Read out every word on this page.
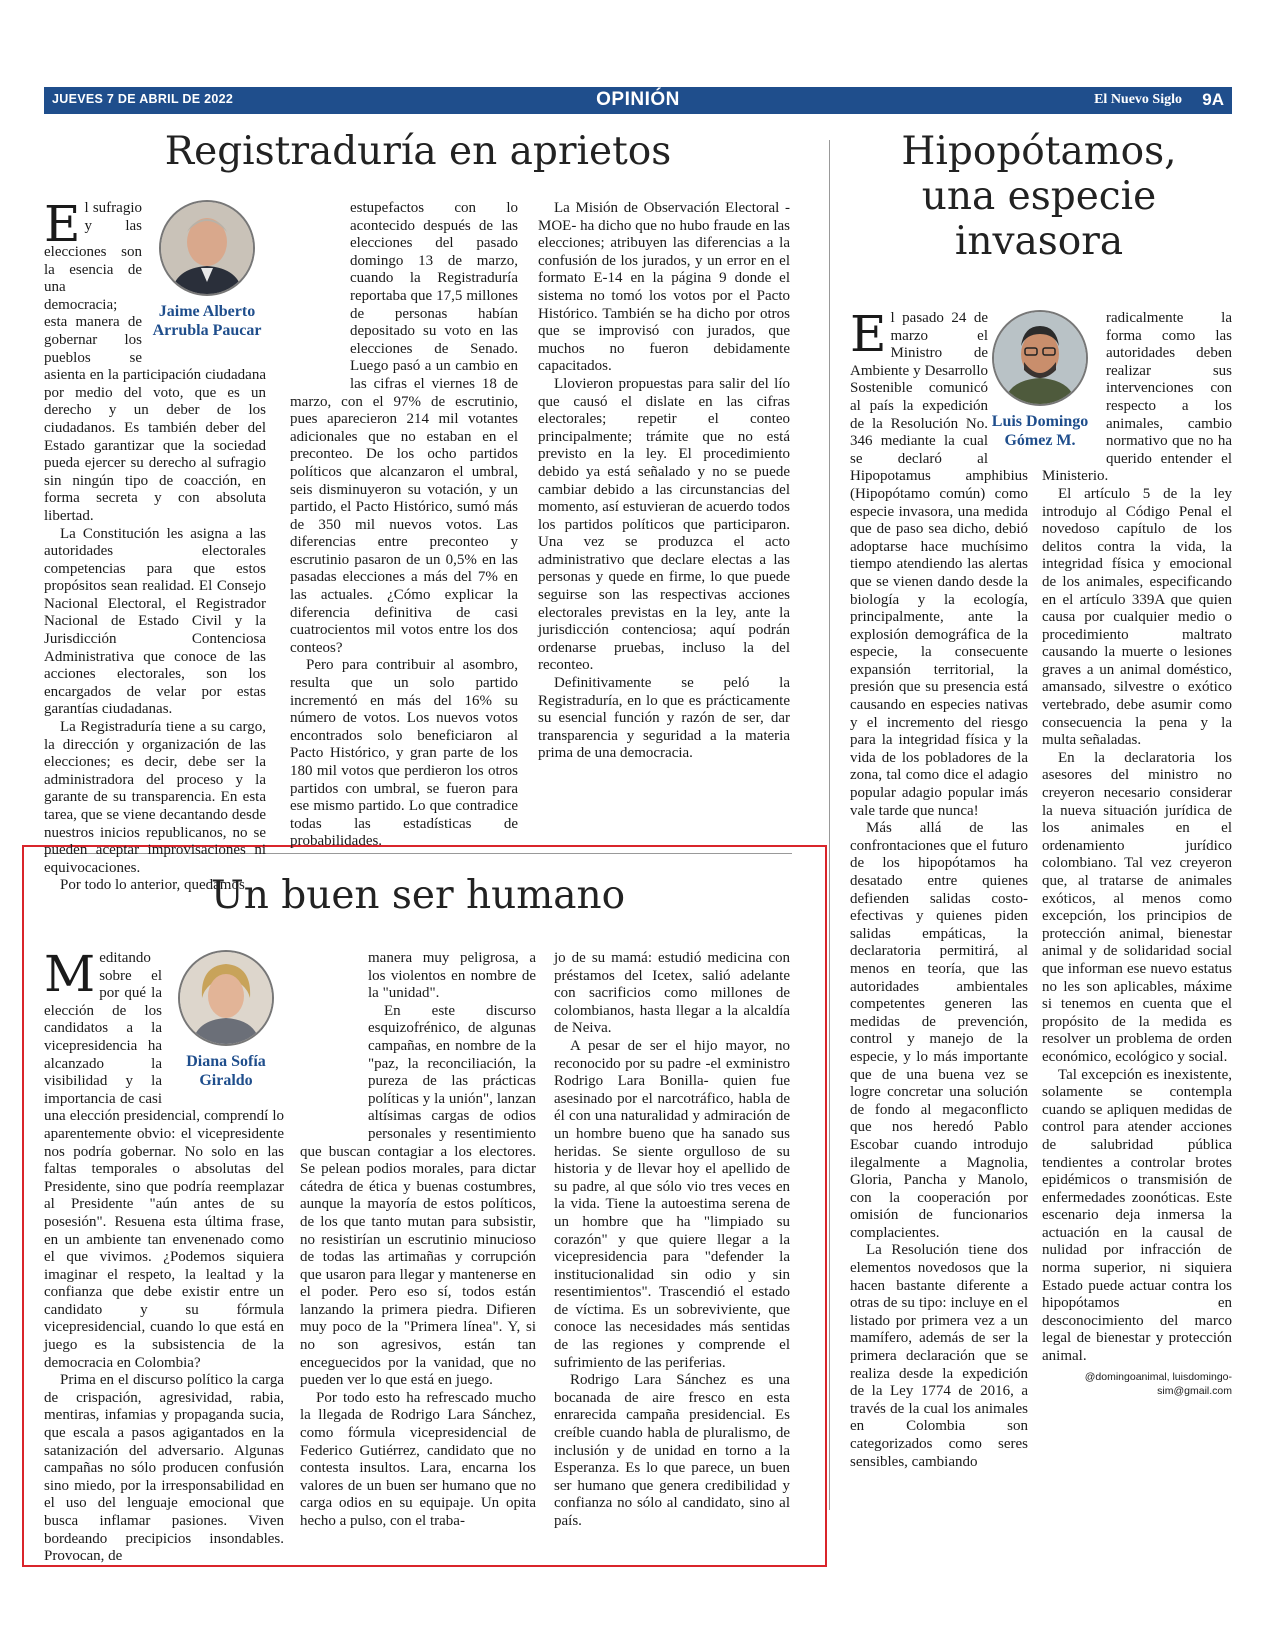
JUEVES 7 DE ABRIL DE 2022	OPINIÓN	El Nuevo Siglo 9A
Registraduría en aprietos
Jaime Alberto
Arrubla Paucar

El sufragio y las elecciones son la esencia de una democracia; esta manera de gobernar los pueblos se asienta en la participación ciudadana por medio del voto, que es un derecho y un deber de los ciudadanos. Es también deber del Estado garantizar que la sociedad pueda ejercer su derecho al sufragio sin ningún tipo de coacción, en forma secreta y con absoluta libertad.

La Constitución les asigna a las autoridades electorales competencias para que estos propósitos sean realidad. El Consejo Nacional Electoral, el Registrador Nacional de Estado Civil y la Jurisdicción Contenciosa Administrativa que conoce de las acciones electorales, son los encargados de velar por estas garantías ciudadanas.

La Registraduría tiene a su cargo, la dirección y organización de las elecciones; es decir, debe ser la administradora del proceso y la garante de su transparencia. En esta tarea, que se viene decantando desde nuestros inicios republicanos, no se pueden aceptar improvisaciones ni equivocaciones.

Por todo lo anterior, quedamos

estupefactos con lo acontecido después de las elecciones del pasado domingo 13 de marzo, cuando la Registraduría reportaba que 17,5 millones de personas habían depositado su voto en las elecciones de Senado. Luego pasó a un cambio en las cifras el viernes 18 de marzo, con el 97% de escrutinio, pues aparecieron 214 mil votantes adicionales que no estaban en el preconteo. De los ocho partidos políticos que alcanzaron el umbral, seis disminuyeron su votación, y un partido, el Pacto Histórico, sumó más de 350 mil nuevos votos. Las diferencias entre preconteo y escrutinio pasaron de un 0,5% en las pasadas elecciones a más del 7% en las actuales. ¿Cómo explicar la diferencia definitiva de casi cuatrocientos mil votos entre los dos conteos?

Pero para contribuir al asombro, resulta que un solo partido incrementó en más del 16% su número de votos. Los nuevos votos encontrados solo beneficiaron al Pacto Histórico, y gran parte de los 180 mil votos que perdieron los otros partidos con umbral, se fueron para ese mismo partido. Lo que contradice todas las estadísticas de probabilidades.

La Misión de Observación Electoral -MOE- ha dicho que no hubo fraude en las elecciones; atribuyen las diferencias a la confusión de los jurados, y un error en el formato E-14 en la página 9 donde el sistema no tomó los votos por el Pacto Histórico. También se ha dicho por otros que se improvisó con jurados, que muchos no fueron debidamente capacitados.

Llovieron propuestas para salir del lío que causó el dislate en las cifras electorales; repetir el conteo principalmente; trámite que no está previsto en la ley. El procedimiento debido ya está señalado y no se puede cambiar debido a las circunstancias del momento, así estuvieran de acuerdo todos los partidos políticos que participaron. Una vez se produzca el acto administrativo que declare electas a las personas y quede en firme, lo que puede seguirse son las respectivas acciones electorales previstas en la ley, ante la jurisdicción contenciosa; aquí podrán ordenarse pruebas, incluso la del reconteo.

Definitivamente se peló la Registraduría, en lo que es prácticamente su esencial función y razón de ser, dar transparencia y seguridad a la materia prima de una democracia.

Un buen ser humano
Diana Sofía
Giraldo

Meditando sobre el por qué la elección de los candidatos a la vicepresidencia ha alcanzado la visibilidad y la importancia de casi una elección presidencial, comprendí lo aparentemente obvio: el vicepresidente nos podría gobernar. No solo en las faltas temporales o absolutas del Presidente, sino que podría reemplazar al Presidente "aún antes de su posesión". Resuena esta última frase, en un ambiente tan envenenado como el que vivimos. ¿Podemos siquiera imaginar el respeto, la lealtad y la confianza que debe existir entre un candidato y su fórmula vicepresidencial, cuando lo que está en juego es la subsistencia de la democracia en Colombia?

Prima en el discurso político la carga de crispación, agresividad, rabia, mentiras, infamias y propaganda sucia, que escala a pasos agigantados en la satanización del adversario. Algunas campañas no sólo producen confusión sino miedo, por la irresponsabilidad en el uso del lenguaje emocional que busca inflamar pasiones. Viven bordeando precipicios insondables. Provocan, de

manera muy peligrosa, a los violentos en nombre de la "unidad".

En este discurso esquizofrénico, de algunas campañas, en nombre de la "paz, la reconciliación, la pureza de las prácticas políticas y la unión", lanzan altísimas cargas de odios personales y resentimiento que buscan contagiar a los electores. Se pelean podios morales, para dictar cátedra de ética y buenas costumbres, aunque la mayoría de estos políticos, de los que tanto mutan para subsistir, no resistirían un escrutinio minucioso de todas las artimañas y corrupción que usaron para llegar y mantenerse en el poder. Pero eso sí, todos están lanzando la primera piedra. Difieren muy poco de la "Primera línea". Y, si no son agresivos, están tan enceguecidos por la vanidad, que no pueden ver lo que está en juego.

Por todo esto ha refrescado mucho la llegada de Rodrigo Lara Sánchez, como fórmula vicepresidencial de Federico Gutiérrez, candidato que no contesta insultos. Lara, encarna los valores de un buen ser humano que no carga odios en su equipaje. Un opita hecho a pulso, con el traba-

jo de su mamá: estudió medicina con préstamos del Icetex, salió adelante con sacrificios como millones de colombianos, hasta llegar a la alcaldía de Neiva.

A pesar de ser el hijo mayor, no reconocido por su padre -el exministro Rodrigo Lara Bonilla- quien fue asesinado por el narcotráfico, habla de él con una naturalidad y admiración de un hombre bueno que ha sanado sus heridas. Se siente orgulloso de su historia y de llevar hoy el apellido de su padre, al que sólo vio tres veces en la vida. Tiene la autoestima serena de un hombre que ha "limpiado su corazón" y que quiere llegar a la vicepresidencia para "defender la institucionalidad sin odio y sin resentimientos". Trascendió el estado de víctima. Es un sobreviviente, que conoce las necesidades más sentidas de las regiones y comprende el sufrimiento de las periferias.

Rodrigo Lara Sánchez es una bocanada de aire fresco en esta enrarecida campaña presidencial. Es creíble cuando habla de pluralismo, de inclusión y de unidad en torno a la Esperanza. Es lo que parece, un buen ser humano que genera credibilidad y confianza no sólo al candidato, sino al país.

Hipopótamos,
una especie
invasora

El pasado 24 de marzo el Ministro de Ambiente y Desarrollo Sostenible comunicó al país la expedición de la Resolución No. 346 mediante la cual se declaró al Hipopotamus amphibius (Hipopótamo común) como especie invasora, una medida que de paso sea dicho, debió adoptarse hace muchísimo tiempo atendiendo las alertas que se vienen dando desde la biología y la ecología, principalmente, ante la explosión demográfica de la especie, la consecuente expansión territorial, la presión que su presencia está causando en especies nativas y el incremento del riesgo para la integridad física y la vida de los pobladores de la zona, tal como dice el adagio popular adagio popular imás vale tarde que nunca!

Más allá de las confrontaciones que el futuro de los hipopótamos ha desatado entre quienes defienden salidas costo-efectivas y quienes piden salidas empáticas, la declaratoria permitirá, al menos en teoría, que las autoridades ambientales competentes generen las medidas de prevención, control y manejo de la especie, y lo más importante que de una buena vez se logre concretar una solución de fondo al megaconflicto que nos heredó Pablo Escobar cuando introdujo ilegalmente a Magnolia, Gloria, Pancha y Manolo, con la cooperación por omisión de funcionarios complacientes.

La Resolución tiene dos elementos novedosos que la hacen bastante diferente a otras de su tipo: incluye en el listado por primera vez a un mamífero, además de ser la primera declaración que se realiza desde la expedición de la Ley 1774 de 2016, a través de la cual los animales en Colombia son categorizados como seres sensibles, cambiando

radicalmente la forma como las autoridades deben realizar sus intervenciones con respecto a los animales, cambio normativo que no ha querido entender el Ministerio.

El artículo 5 de la ley introdujo al Código Penal el novedoso capítulo de los delitos contra la vida, la integridad física y emocional de los animales, especificando en el artículo 339A que quien causa por cualquier medio o procedimiento maltrato causando la muerte o lesiones graves a un animal doméstico, amansado, silvestre o exótico vertebrado, debe asumir como consecuencia la pena y la multa señaladas.

En la declaratoria los asesores del ministro no creyeron necesario considerar la nueva situación jurídica de los animales en el ordenamiento jurídico colombiano. Tal vez creyeron que, al tratarse de animales exóticos, al menos como excepción, los principios de protección animal, bienestar animal y de solidaridad social que informan ese nuevo estatus no les son aplicables, máxime si tenemos en cuenta que el propósito de la medida es resolver un problema de orden económico, ecológico y social.

Tal excepción es inexistente, solamente se contempla cuando se apliquen medidas de control para atender acciones de salubridad pública tendientes a controlar brotes epidémicos o transmisión de enfermedades zoonóticas. Este escenario deja inmersa la actuación en la causal de nulidad por infracción de norma superior, ni siquiera Estado puede actuar contra los hipopótamos en desconocimiento del marco legal de bienestar y protección animal.

@domingoanimal, luisdomingo-
sim@gmail.com
Luis Domingo
Gómez M.
